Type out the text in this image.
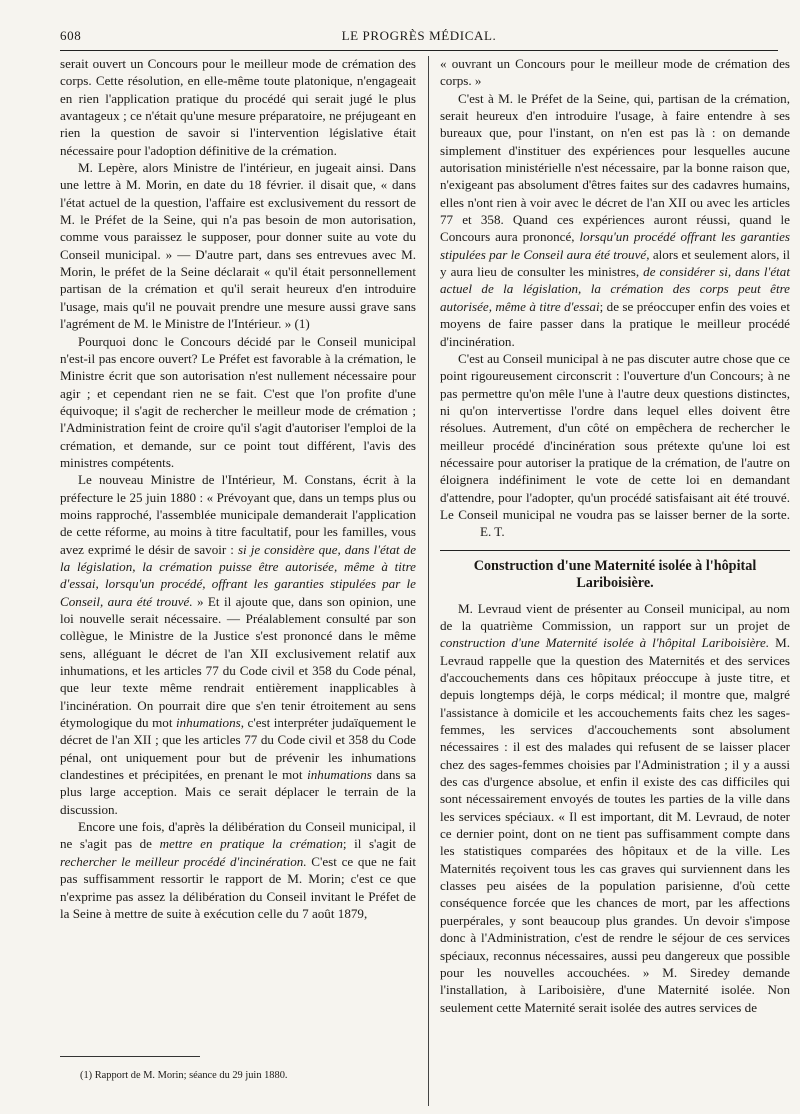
608	LE PROGRÈS MÉDICAL.

serait ouvert un Concours pour le meilleur mode de crémation des corps. Cette résolution, en elle-même toute platonique, n'engageait en rien l'application pratique du procédé qui serait jugé le plus avantageux ; ce n'était qu'une mesure préparatoire, ne préjugeant en rien la question de savoir si l'intervention législative était nécessaire pour l'adoption définitive de la crémation.

M. Lepère, alors Ministre de l'intérieur, en jugeait ainsi. Dans une lettre à M. Morin, en date du 18 février. il disait que, « dans l'état actuel de la question, l'affaire est exclusivement du ressort de M. le Préfet de la Seine, qui n'a pas besoin de mon autorisation, comme vous paraissez le supposer, pour donner suite au vote du Conseil municipal. » — D'autre part, dans ses entrevues avec M. Morin, le préfet de la Seine déclarait « qu'il était personnellement partisan de la crémation et qu'il serait heureux d'en introduire l'usage, mais qu'il ne pouvait prendre une mesure aussi grave sans l'agrément de M. le Ministre de l'Intérieur. » (1)

Pourquoi donc le Concours décidé par le Conseil municipal n'est-il pas encore ouvert? Le Préfet est favorable à la crémation, le Ministre écrit que son autorisation n'est nullement nécessaire pour agir ; et cependant rien ne se fait. C'est que l'on profite d'une équivoque; il s'agit de rechercher le meilleur mode de crémation ; l'Administration feint de croire qu'il s'agit d'autoriser l'emploi de la crémation, et demande, sur ce point tout différent, l'avis des ministres compétents.

Le nouveau Ministre de l'Intérieur, M. Constans, écrit à la préfecture le 25 juin 1880 : « Prévoyant que, dans un temps plus ou moins rapproché, l'assemblée municipale demanderait l'application de cette réforme, au moins à titre facultatif, pour les familles, vous avez exprimé le désir de savoir : si je considère que, dans l'état de la législation, la crémation puisse être autorisée, même à titre d'essai, lorsqu'un procédé, offrant les garanties stipulées par le Conseil, aura été trouvé. » Et il ajoute que, dans son opinion, une loi nouvelle serait nécessaire. — Préalablement consulté par son collègue, le Ministre de la Justice s'est prononcé dans le même sens, alléguant le décret de l'an XII exclusivement relatif aux inhumations, et les articles 77 du Code civil et 358 du Code pénal, que leur texte même rendrait entièrement inapplicables à l'incinération. On pourrait dire que s'en tenir étroitement au sens étymologique du mot inhumations, c'est interpréter judaïquement le décret de l'an XII ; que les articles 77 du Code civil et 358 du Code pénal, ont uniquement pour but de prévenir les inhumations clandestines et précipitées, en prenant le mot inhumations dans sa plus large acception. Mais ce serait déplacer le terrain de la discussion.

Encore une fois, d'après la délibération du Conseil municipal, il ne s'agit pas de mettre en pratique la crémation; il s'agit de rechercher le meilleur procédé d'incinération. C'est ce que ne fait pas suffisamment ressortir le rapport de M. Morin; c'est ce que n'exprime pas assez la délibération du Conseil invitant le Préfet de la Seine à mettre de suite à exécution celle du 7 août 1879,

« ouvrant un Concours pour le meilleur mode de crémation des corps. »

C'est à M. le Préfet de la Seine, qui, partisan de la crémation, serait heureux d'en introduire l'usage, à faire entendre à ses bureaux que, pour l'instant, on n'en est pas là : on demande simplement d'instituer des expériences pour lesquelles aucune autorisation ministérielle n'est nécessaire, par la bonne raison que, n'exigeant pas absolument d'êtres faites sur des cadavres humains, elles n'ont rien à voir avec le décret de l'an XII ou avec les articles 77 et 358. Quand ces expériences auront réussi, quand le Concours aura prononcé, lorsqu'un procédé offrant les garanties stipulées par le Conseil aura été trouvé, alors et seulement alors, il y aura lieu de consulter les ministres, de considérer si, dans l'état actuel de la législation, la crémation des corps peut être autorisée, même à titre d'essai; de se préoccuper enfin des voies et moyens de faire passer dans la pratique le meilleur procédé d'incinération.

C'est au Conseil municipal à ne pas discuter autre chose que ce point rigoureusement circonscrit : l'ouverture d'un Concours; à ne pas permettre qu'on mêle l'une à l'autre deux questions distinctes, ni qu'on intervertisse l'ordre dans lequel elles doivent être résolues. Autrement, d'un côté on empêchera de rechercher le meilleur procédé d'incinération sous prétexte qu'une loi est nécessaire pour autoriser la pratique de la crémation, de l'autre on éloignera indéfiniment le vote de cette loi en demandant d'attendre, pour l'adopter, qu'un procédé satisfaisant ait été trouvé. Le Conseil municipal ne voudra pas se laisser berner de la sorte. E. T.

Construction d'une Maternité isolée à l'hôpital Lariboisière.

M. Levraud vient de présenter au Conseil municipal, au nom de la quatrième Commission, un rapport sur un projet de construction d'une Maternité isolée à l'hôpital Lariboisière. M. Levraud rappelle que la question des Maternités et des services d'accouchements dans ces hôpitaux préoccupe à juste titre, et depuis longtemps déjà, le corps médical; il montre que, malgré l'assistance à domicile et les accouchements faits chez les sages-femmes, les services d'accouchements sont absolument nécessaires : il est des malades qui refusent de se laisser placer chez des sages-femmes choisies par l'Administration ; il y a aussi des cas d'urgence absolue, et enfin il existe des cas difficiles qui sont nécessairement envoyés de toutes les parties de la ville dans les services spéciaux. « Il est important, dit M. Levraud, de noter ce dernier point, dont on ne tient pas suffisamment compte dans les statistiques comparées des hôpitaux et de la ville. Les Maternités reçoivent tous les cas graves qui surviennent dans les classes peu aisées de la population parisienne, d'où cette conséquence forcée que les chances de mort, par les affections puerpérales, y sont beaucoup plus grandes. Un devoir s'impose donc à l'Administration, c'est de rendre le séjour de ces services spéciaux, reconnus nécessaires, aussi peu dangereux que possible pour les nouvelles accouchées. » M. Siredey demande l'installation, à Lariboisière, d'une Maternité isolée. Non seulement cette Maternité serait isolée des autres services de

(1) Rapport de M. Morin; séance du 29 juin 1880.
